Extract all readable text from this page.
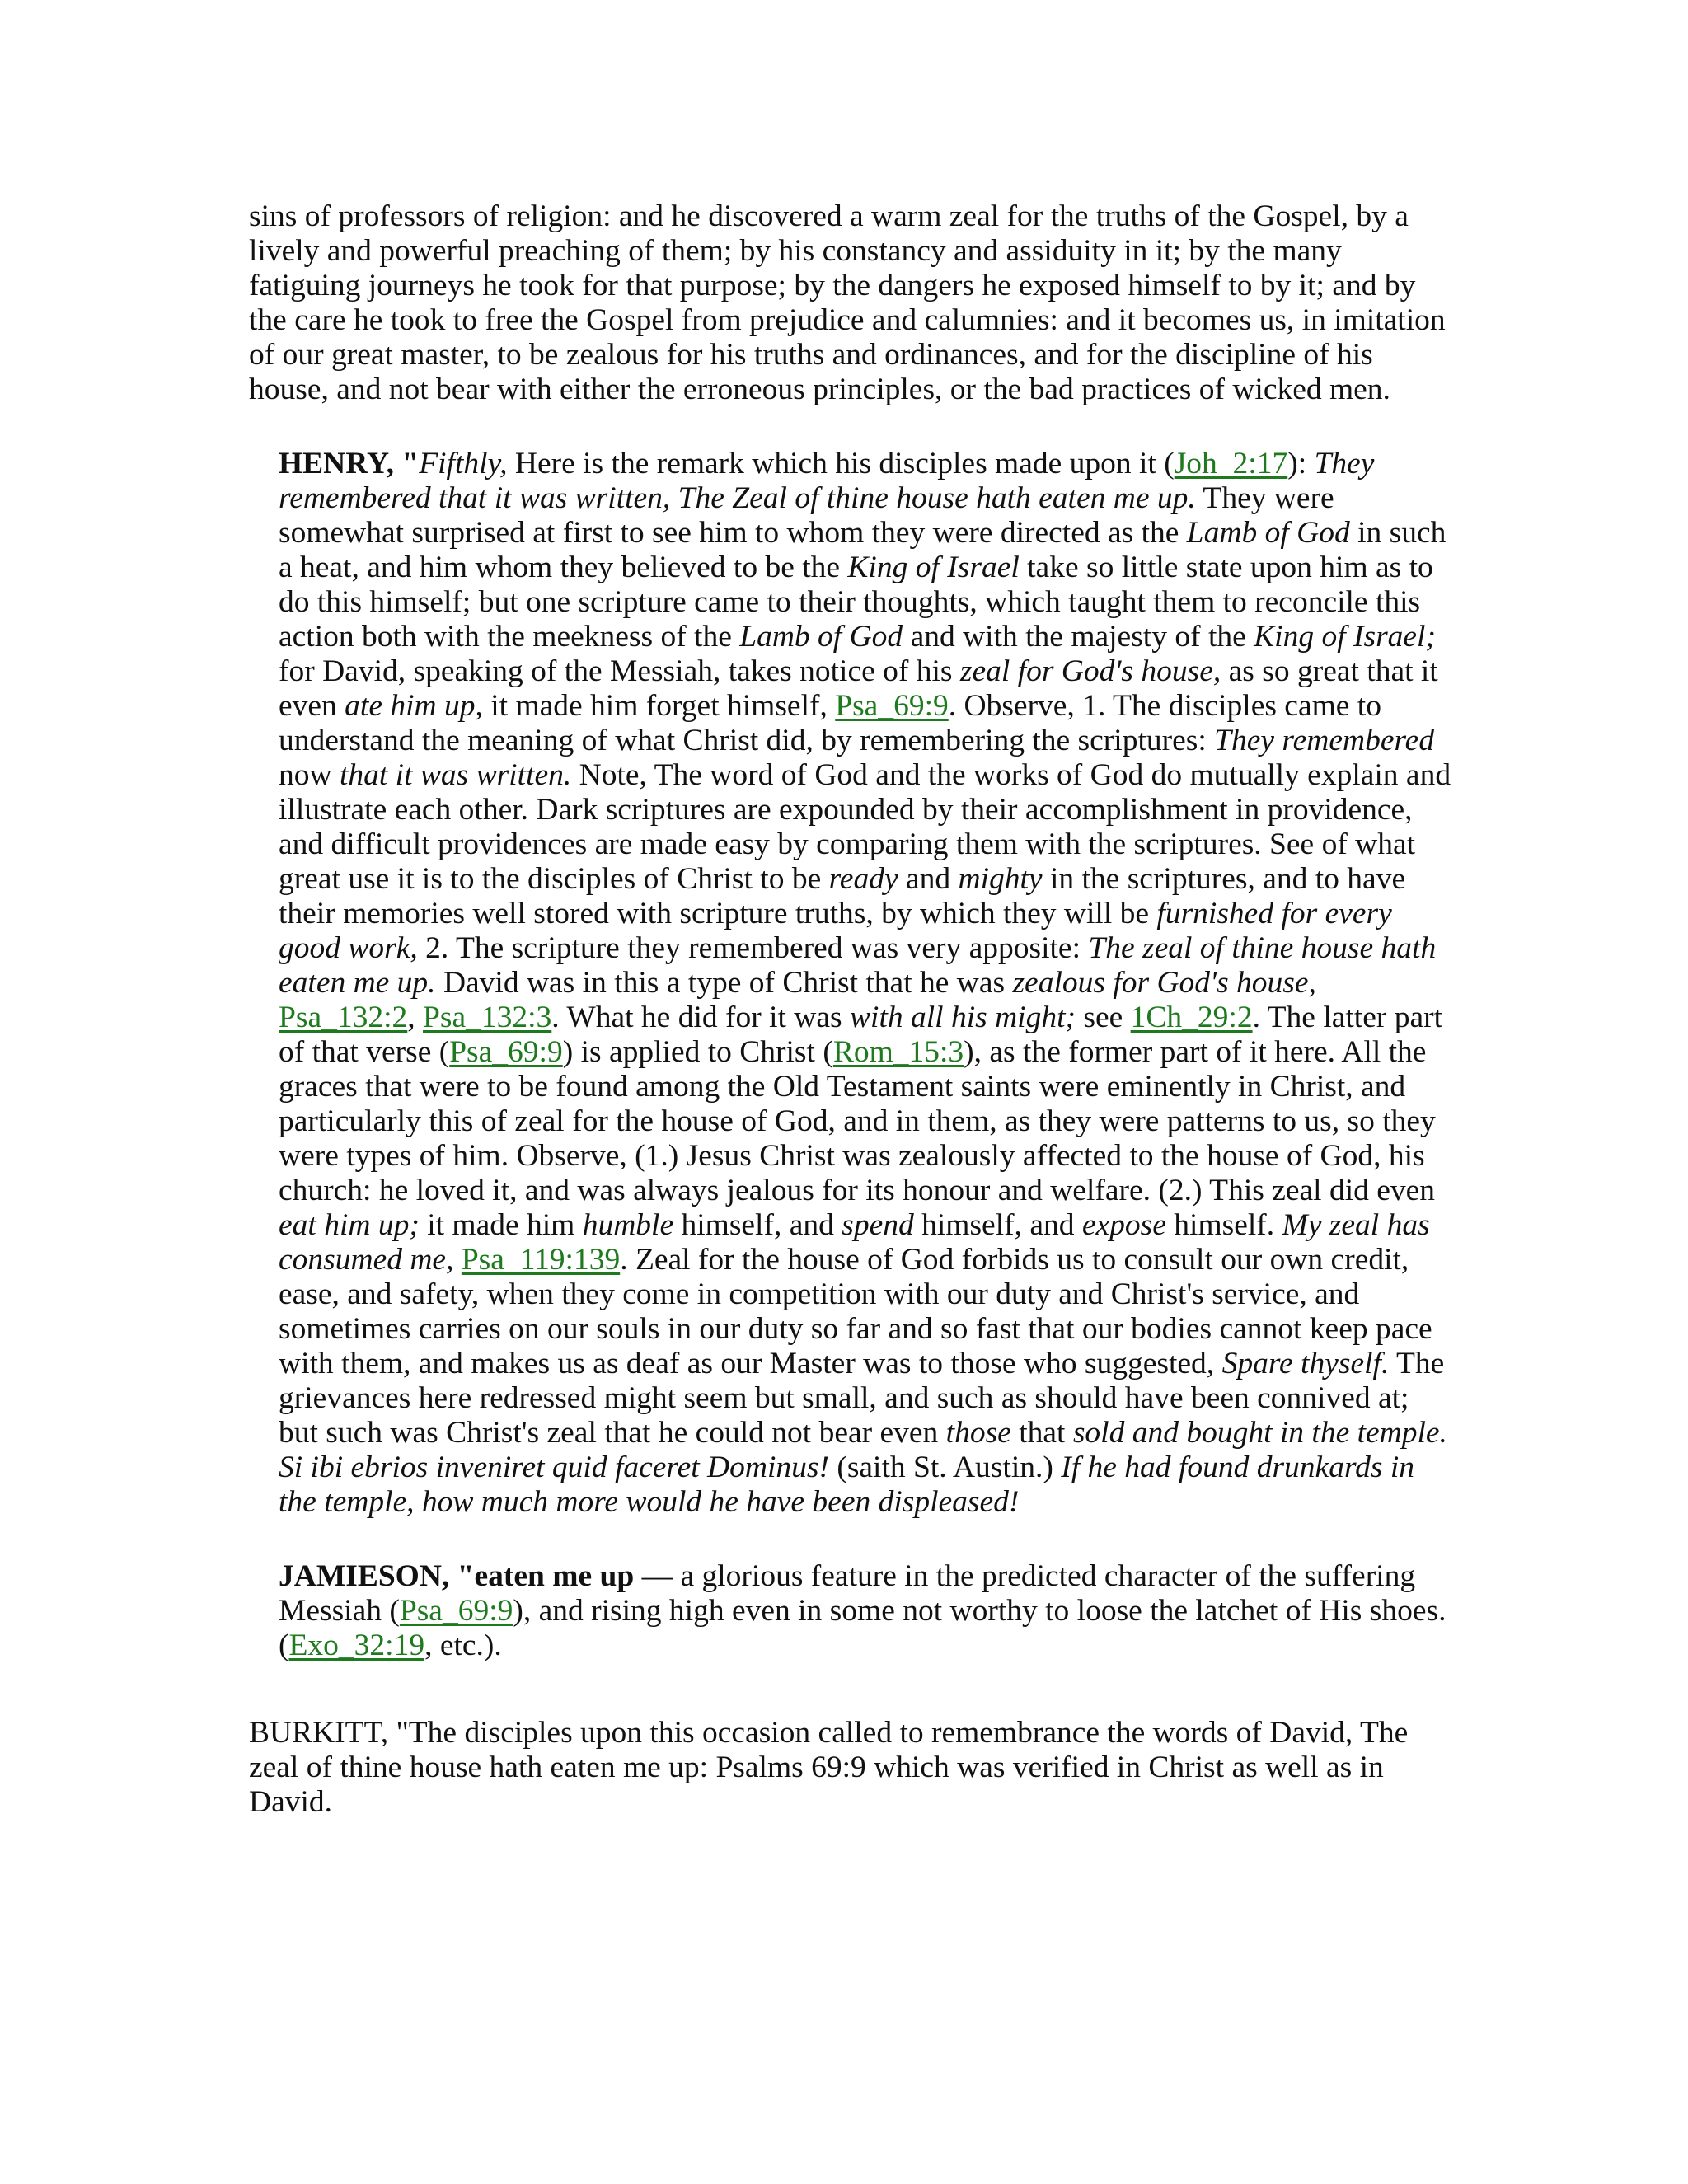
sins of professors of religion: and he discovered a warm zeal for the truths of the Gospel, by a lively and powerful preaching of them; by his constancy and assiduity in it; by the many fatiguing journeys he took for that purpose; by the dangers he exposed himself to by it; and by the care he took to free the Gospel from prejudice and calumnies: and it becomes us, in imitation of our great master, to be zealous for his truths and ordinances, and for the discipline of his house, and not bear with either the erroneous principles, or the bad practices of wicked men.

HENRY, "Fifthly, Here is the remark which his disciples made upon it (Joh_2:17): They remembered that it was written, The Zeal of thine house hath eaten me up. They were somewhat surprised at first to see him to whom they were directed as the Lamb of God in such a heat, and him whom they believed to be the King of Israel take so little state upon him as to do this himself; but one scripture came to their thoughts, which taught them to reconcile this action both with the meekness of the Lamb of God and with the majesty of the King of Israel; for David, speaking of the Messiah, takes notice of his zeal for God's house, as so great that it even ate him up, it made him forget himself, Psa_69:9. Observe, 1. The disciples came to understand the meaning of what Christ did, by remembering the scriptures: They remembered now that it was written. Note, The word of God and the works of God do mutually explain and illustrate each other. Dark scriptures are expounded by their accomplishment in providence, and difficult providences are made easy by comparing them with the scriptures. See of what great use it is to the disciples of Christ to be ready and mighty in the scriptures, and to have their memories well stored with scripture truths, by which they will be furnished for every good work, 2. The scripture they remembered was very apposite: The zeal of thine house hath eaten me up. David was in this a type of Christ that he was zealous for God's house, Psa_132:2, Psa_132:3. What he did for it was with all his might; see 1Ch_29:2. The latter part of that verse (Psa_69:9) is applied to Christ (Rom_15:3), as the former part of it here. All the graces that were to be found among the Old Testament saints were eminently in Christ, and particularly this of zeal for the house of God, and in them, as they were patterns to us, so they were types of him. Observe, (1.) Jesus Christ was zealously affected to the house of God, his church: he loved it, and was always jealous for its honour and welfare. (2.) This zeal did even eat him up; it made him humble himself, and spend himself, and expose himself. My zeal has consumed me, Psa_119:139. Zeal for the house of God forbids us to consult our own credit, ease, and safety, when they come in competition with our duty and Christ's service, and sometimes carries on our souls in our duty so far and so fast that our bodies cannot keep pace with them, and makes us as deaf as our Master was to those who suggested, Spare thyself. The grievances here redressed might seem but small, and such as should have been connived at; but such was Christ's zeal that he could not bear even those that sold and bought in the temple. Si ibi ebrios inveniret quid faceret Dominus! (saith St. Austin.) If he had found drunkards in the temple, how much more would he have been displeased!

JAMIESON, "eaten me up — a glorious feature in the predicted character of the suffering Messiah (Psa_69:9), and rising high even in some not worthy to loose the latchet of His shoes. (Exo_32:19, etc.).

BURKITT, "The disciples upon this occasion called to remembrance the words of David, The zeal of thine house hath eaten me up: Psalms 69:9 which was verified in Christ as well as in David.
